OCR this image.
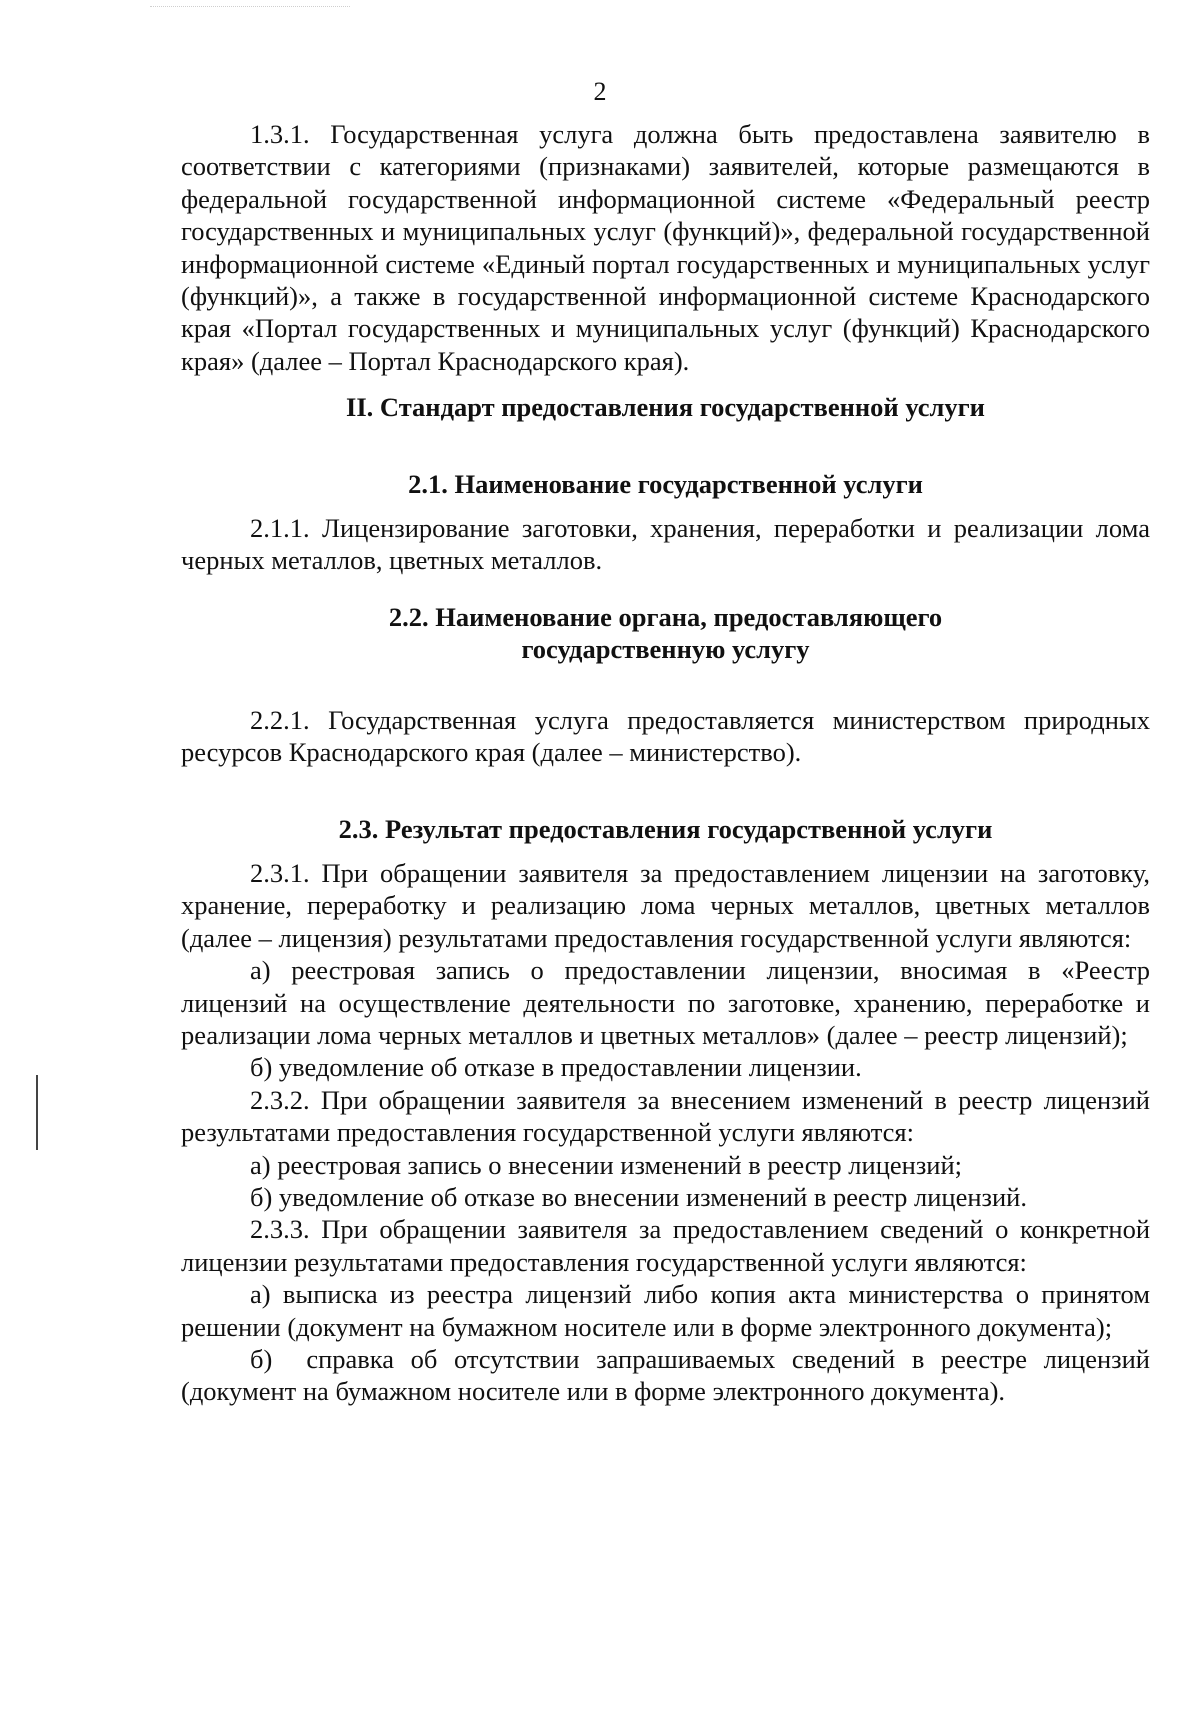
2

1.3.1. Государственная услуга должна быть предоставлена заявителю в соответствии с категориями (признаками) заявителей, которые размещаются в федеральной государственной информационной системе «Федеральный реестр государственных и муниципальных услуг (функций)», федеральной государственной информационной системе «Единый портал государственных и муниципальных услуг (функций)», а также в государственной информационной системе Краснодарского края «Портал государственных и муниципальных услуг (функций) Краснодарского края» (далее – Портал Краснодарского края).

II. Стандарт предоставления государственной услуги
2.1. Наименование государственной услуги

2.1.1. Лицензирование заготовки, хранения, переработки и реализации лома черных металлов, цветных металлов.

2.2. Наименование органа, предоставляющего
государственную услугу

2.2.1. Государственная услуга предоставляется министерством природных ресурсов Краснодарского края (далее – министерство).

2.3. Результат предоставления государственной услуги

2.3.1. При обращении заявителя за предоставлением лицензии на заготовку, хранение, переработку и реализацию лома черных металлов, цветных металлов (далее – лицензия) результатами предоставления государственной услуги являются:

а) реестровая запись о предоставлении лицензии, вносимая в «Реестр лицензий на осуществление деятельности по заготовке, хранению, переработке и реализации лома черных металлов и цветных металлов» (далее – реестр лицензий);

б) уведомление об отказе в предоставлении лицензии.

2.3.2. При обращении заявителя за внесением изменений в реестр лицензий результатами предоставления государственной услуги являются:

а) реестровая запись о внесении изменений в реестр лицензий;

б) уведомление об отказе во внесении изменений в реестр лицензий.

2.3.3. При обращении заявителя за предоставлением сведений о конкретной лицензии результатами предоставления государственной услуги являются:

а) выписка из реестра лицензий либо копия акта министерства о принятом решении (документ на бумажном носителе или в форме электронного документа);

б) справка об отсутствии запрашиваемых сведений в реестре лицензий (документ на бумажном носителе или в форме электронного документа).
